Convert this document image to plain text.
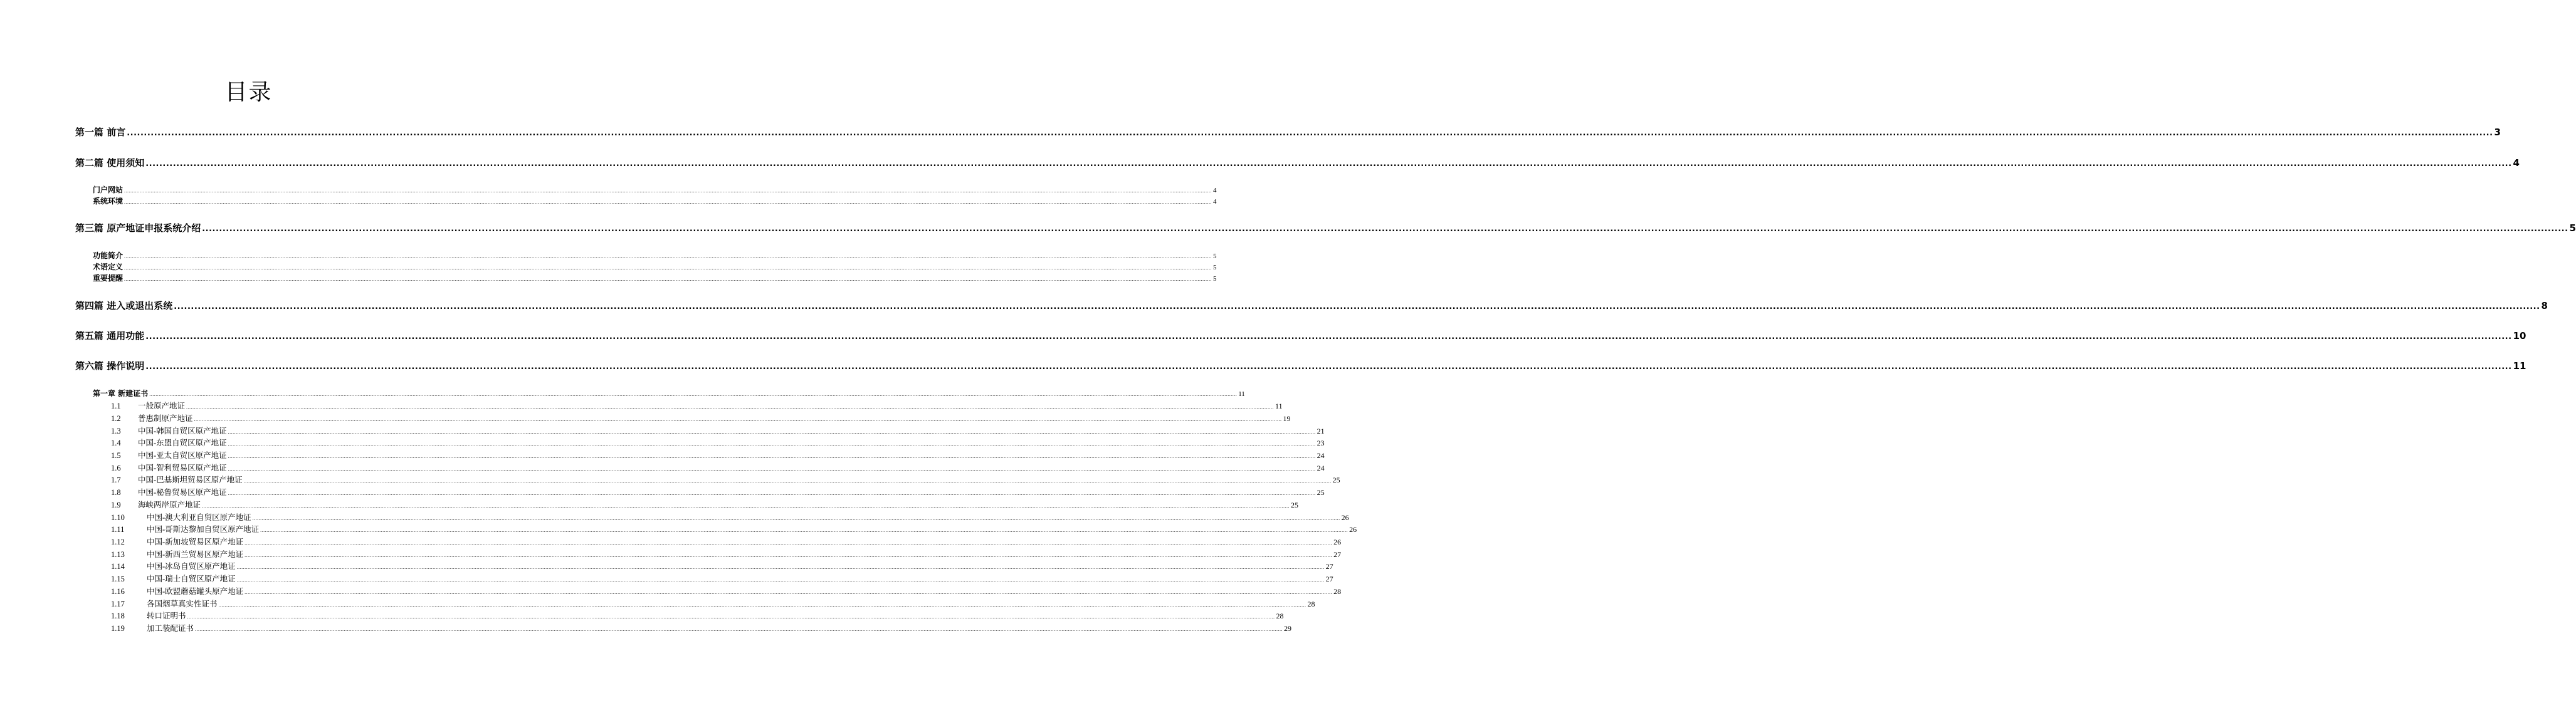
目录
第一篇 前言 ...................................................................................................................................................................................................................................................................................................................................................................................................................................................................................................................................................................................................................................................................................................................... 3
第二篇 使用须知 ...................................................................................................................................................................................................................................................................................................................................................................................................................................................................................................................................................................................................................................................................................................................... 4
门户网站 ...................................................................................................................................................................................................................................................................................................................................................................................................................................................................................................................................................................................................................................................................................................................... 4
系统环境 ...................................................................................................................................................................................................................................................................................................................................................................................................................................................................................................................................................................................................................................................................................................................... 4
第三篇 原产地证申报系统介绍 ...................................................................................................................................................................................................................................................................................................................................................................................................................................................................................................................................................................................................................................................................................................................... 5
功能简介 ...................................................................................................................................................................................................................................................................................................................................................................................................................................................................................................................................................................................................................................................................................................................... 5
术语定义 ...................................................................................................................................................................................................................................................................................................................................................................................................................................................................................................................................................................................................................................................................................................................... 5
重要提醒 ...................................................................................................................................................................................................................................................................................................................................................................................................................................................................................................................................................................................................................................................................................................................... 5
第四篇 进入或退出系统 ...................................................................................................................................................................................................................................................................................................................................................................................................................................................................................................................................................................................................................................................................................................................... 8
第五篇 通用功能 ...................................................................................................................................................................................................................................................................................................................................................................................................................................................................................................................................................................................................................................................................................................................... 10
第六篇 操作说明 ...................................................................................................................................................................................................................................................................................................................................................................................................................................................................................................................................................................................................................................................................................................................... 11
第一章 新建证书 ...................................................................................................................................................................................................................................................................................................................................................................................................................................................................................................................................................................................................................................................................................................................... 11
1.1	一般原产地证 ...................................................................................................................................................................................................................................................................................................................................................................................................................................................................................................................................................................................................................................................................................................................... 11
1.2	普惠制原产地证 ...................................................................................................................................................................................................................................................................................................................................................................................................................................................................................................................................................................................................................................................................................................................... 19
1.3	中国-韩国自贸区原产地证 ...................................................................................................................................................................................................................................................................................................................................................................................................................................................................................................................................................................................................................................................................................................................... 21
1.4	中国-东盟自贸区原产地证 ...................................................................................................................................................................................................................................................................................................................................................................................................................................................................................................................................................................................................................................................................................................................... 23
1.5	中国-亚太自贸区原产地证 ...................................................................................................................................................................................................................................................................................................................................................................................................................................................................................................................................................................................................................................................................................................................... 24
1.6	中国-智利贸易区原产地证 ...................................................................................................................................................................................................................................................................................................................................................................................................................................................................................................................................................................................................................................................................................................................... 24
1.7	中国-巴基斯坦贸易区原产地证 ...................................................................................................................................................................................................................................................................................................................................................................................................................................................................................................................................................................................................................................................................................................................... 25
1.8	中国-秘鲁贸易区原产地证 ...................................................................................................................................................................................................................................................................................................................................................................................................................................................................................................................................................................................................................................................................................................................... 25
1.9	海峡两岸原产地证 ...................................................................................................................................................................................................................................................................................................................................................................................................................................................................................................................................................................................................................................................................................................................... 25
1.10	中国-澳大利亚自贸区原产地证 ...................................................................................................................................................................................................................................................................................................................................................................................................................................................................................................................................................................................................................................................................................................................... 26
1.11	中国-哥斯达黎加自贸区原产地证 ...................................................................................................................................................................................................................................................................................................................................................................................................................................................................................................................................................................................................................................................................................................................... 26
1.12	中国-新加坡贸易区原产地证 ...................................................................................................................................................................................................................................................................................................................................................................................................................................................................................................................................................................................................................................................................................................................... 26
1.13	中国-新西兰贸易区原产地证 ...................................................................................................................................................................................................................................................................................................................................................................................................................................................................................................................................................................................................................................................................................................................... 27
1.14	中国-冰岛自贸区原产地证 ...................................................................................................................................................................................................................................................................................................................................................................................................................................................................................................................................................................................................................................................................................................................... 27
1.15	中国-瑞士自贸区原产地证 ...................................................................................................................................................................................................................................................................................................................................................................................................................................................................................................................................................................................................................................................................................................................... 27
1.16	中国-欧盟蘑菇罐头原产地证 ...................................................................................................................................................................................................................................................................................................................................................................................................................................................................................................................................................................................................................................................................................................................... 28
1.17	各国烟草真实性证书 ...................................................................................................................................................................................................................................................................................................................................................................................................................................................................................................................................................................................................................................................................................................................... 28
1.18	转口证明书 ...................................................................................................................................................................................................................................................................................................................................................................................................................................................................................................................................................................................................................................................................................................................... 28
1.19	加工装配证书 ...................................................................................................................................................................................................................................................................................................................................................................................................................................................................................................................................................................................................................................................................................................................... 29
